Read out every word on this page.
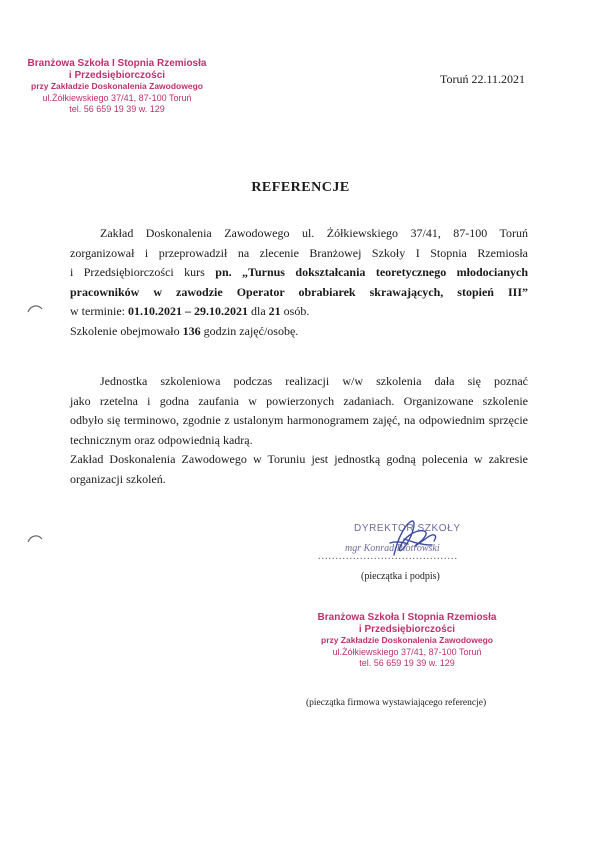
Branżowa Szkoła I Stopnia Rzemiosła
i Przedsiębiorczości
przy Zakładzie Doskonalenia Zawodowego
ul.Żółkiewskiego 37/41, 87-100 Toruń
tel. 56 659 19 39 w. 129
Toruń 22.11.2021
REFERENCJE
Zakład Doskonalenia Zawodowego ul. Żółkiewskiego 37/41, 87-100 Toruń
zorganizował i przeprowadził na zlecenie Branżowej Szkoły I Stopnia Rzemiosła
i Przedsiębiorczości kurs pn. „Turnus dokształcania teoretycznego młodocianych
pracowników w zawodzie Operator obrabiarek skrawających, stopień III”
w terminie: 01.10.2021 – 29.10.2021 dla 21 osób.
Szkolenie obejmowało 136 godzin zajęć/osobę.
Jednostka szkoleniowa podczas realizacji w/w szkolenia dała się poznać
jako rzetelna i godna zaufania w powierzonych zadaniach. Organizowane szkolenie
odbyło się terminowo, zgodnie z ustalonym harmonogramem zajęć, na odpowiednim sprzęcie
technicznym oraz odpowiednią kadrą.
Zakład Doskonalenia Zawodowego w Toruniu jest jednostką godną polecenia w zakresie
organizacji szkoleń.
DYREKTOR SZKOŁY
mgr Konrad Piotrowski
........................................
(pieczątka i podpis)
Branżowa Szkoła I Stopnia Rzemiosła
i Przedsiębiorczości
przy Zakładzie Doskonalenia Zawodowego
ul.Żółkiewskiego 37/41, 87-100 Toruń
tel. 56 659 19 39 w. 129
(pieczątka firmowa wystawiającego referencje)
